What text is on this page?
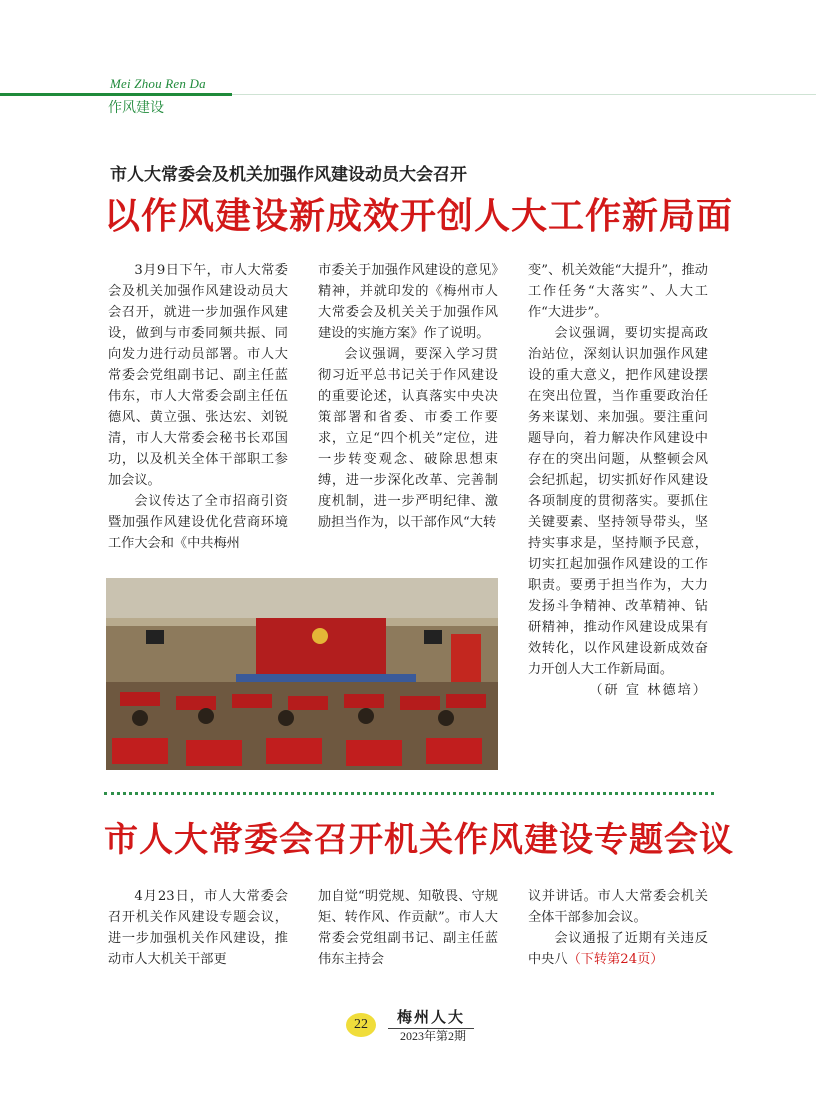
Mei Zhou Ren Da
作风建设
市人大常委会及机关加强作风建设动员大会召开
以作风建设新成效开创人大工作新局面

3月9日下午，市人大常委会及机关加强作风建设动员大会召开，就进一步加强作风建设，做到与市委同频共振、同向发力进行动员部署。市人大常委会党组副书记、副主任蓝伟东，市人大常委会副主任伍德风、黄立强、张达宏、刘锐清，市人大常委会秘书长邓国功，以及机关全体干部职工参加会议。

会议传达了全市招商引资暨加强作风建设优化营商环境工作大会和《中共梅州

市委关于加强作风建设的意见》精神，并就印发的《梅州市人大常委会及机关关于加强作风建设的实施方案》作了说明。

会议强调，要深入学习贯彻习近平总书记关于作风建设的重要论述，认真落实中央决策部署和省委、市委工作要求，立足“四个机关”定位，进一步转变观念、破除思想束缚，进一步深化改革、完善制度机制，进一步严明纪律、激励担当作为，以干部作风“大转

变”、机关效能“大提升”，推动工作任务“大落实”、人大工作“大进步”。

会议强调，要切实提高政治站位，深刻认识加强作风建设的重大意义，把作风建设摆在突出位置，当作重要政治任务来谋划、来加强。要注重问题导向，着力解决作风建设中存在的突出问题，从整顿会风会纪抓起，切实抓好作风建设各项制度的贯彻落实。要抓住关键要素、坚持领导带头，坚持实事求是，坚持顺予民意，切实扛起加强作风建设的工作职责。要勇于担当作为，大力发扬斗争精神、改革精神、钻研精神，推动作风建设成果有效转化，以作风建设新成效奋力开创人大工作新局面。

（研 宣 林德培）
市人大常委会召开机关作风建设专题会议

4月23日，市人大常委会召开机关作风建设专题会议，进一步加强机关作风建设，推动市人大机关干部更

加自觉“明党规、知敬畏、守规矩、转作风、作贡献”。市人大常委会党组副书记、副主任蓝伟东主持会

议并讲话。市人大常委会机关全体干部参加会议。

会议通报了近期有关违反中央八（下转第24页）

22	梅州人大
2023年第2期
